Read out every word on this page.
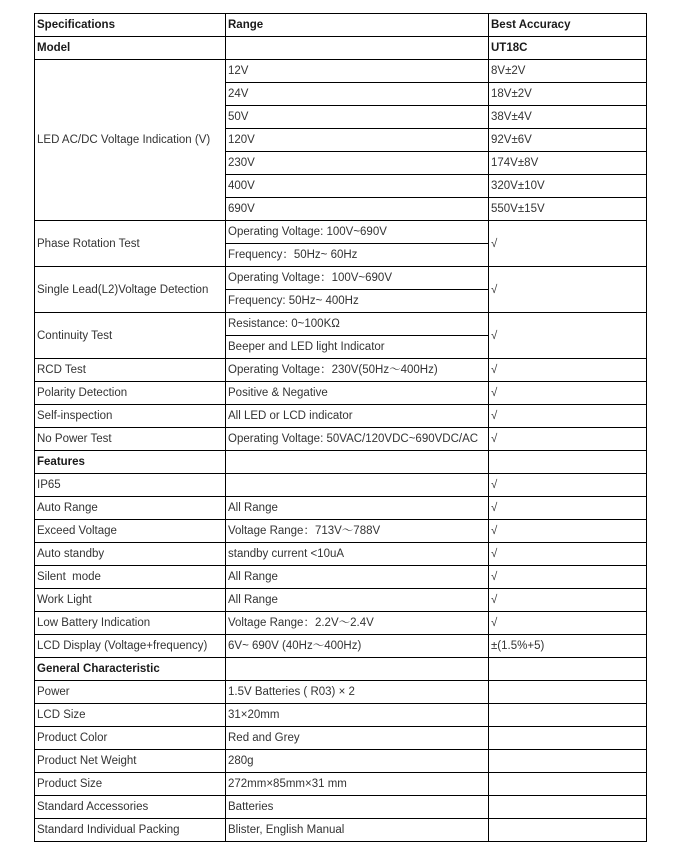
Specifications	Range	Best Accuracy
Model		UT18C
LED AC/DC Voltage Indication (V)	12V	8V±2V
	24V	18V±2V
	50V	38V±4V
	120V	92V±6V
	230V	174V±8V
	400V	320V±10V
	690V	550V±15V
Phase Rotation Test	Operating Voltage: 100V~690V	√
	Frequency：50Hz~ 60Hz	
Single Lead(L2)Voltage Detection	Operating Voltage：100V~690V	√
	Frequency: 50Hz~ 400Hz	
Continuity Test	Resistance: 0~100KΩ	√
	Beeper and LED light Indicator	
RCD Test	Operating Voltage：230V(50Hz～400Hz)	√
Polarity Detection	Positive & Negative	√
Self-inspection	All LED or LCD indicator	√
No Power Test	Operating Voltage: 50VAC/120VDC~690VDC/AC	√
Features		
IP65		√
Auto Range	All Range	√
Exceed Voltage	Voltage Range：713V～788V	√
Auto standby	standby current <10uA	√
Silent  mode	All Range	√
Work Light	All Range	√
Low Battery Indication	Voltage Range：2.2V～2.4V	√
LCD Display (Voltage+frequency)	6V~ 690V (40Hz～400Hz)	±(1.5%+5)
General Characteristic		
Power	1.5V Batteries ( R03) × 2	
LCD Size	31×20mm	
Product Color	Red and Grey	
Product Net Weight	280g	
Product Size	272mm×85mm×31 mm	
Standard Accessories	Batteries	
Standard Individual Packing	Blister, English Manual	
